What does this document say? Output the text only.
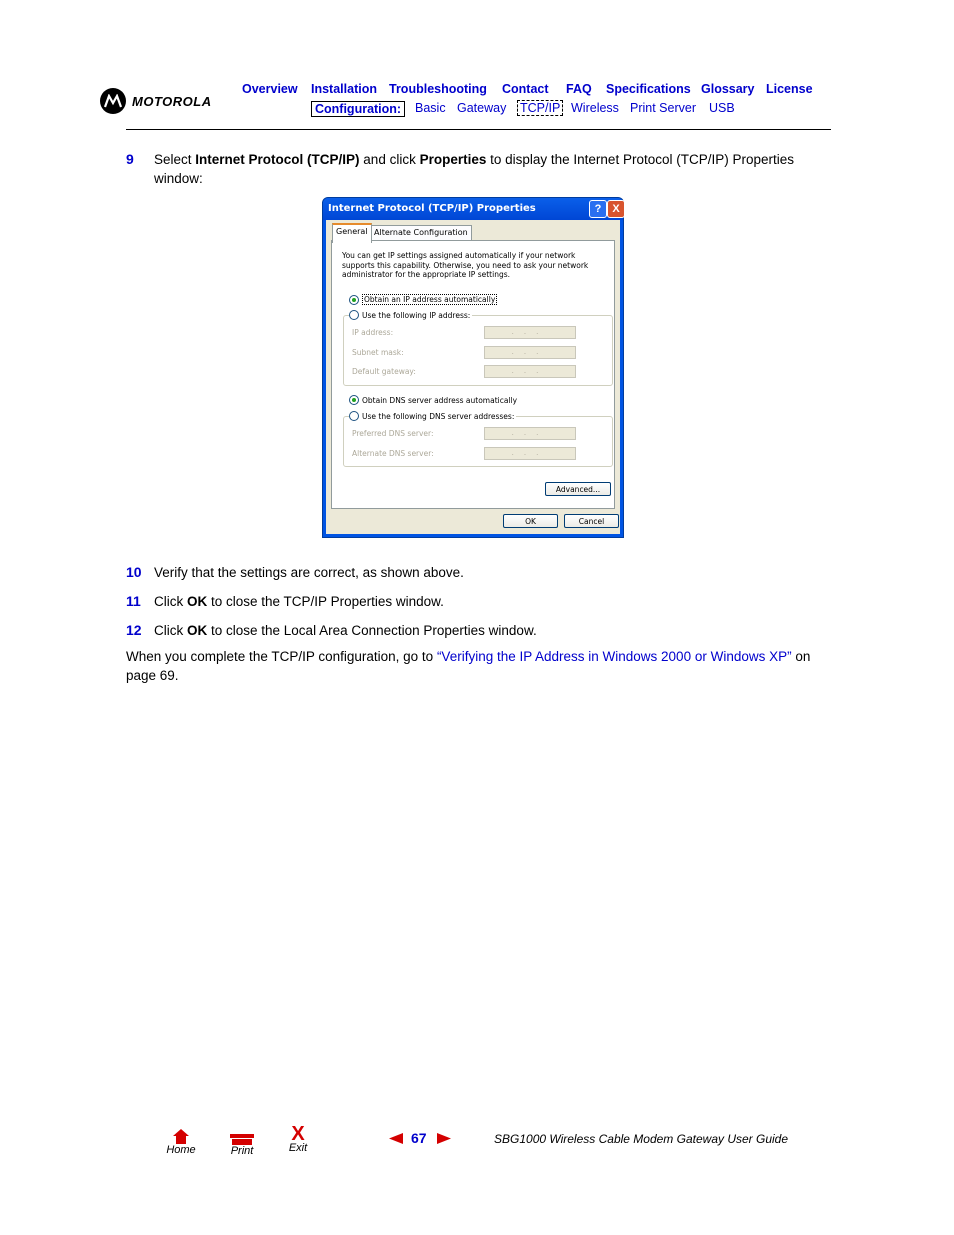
MOTOROLA
Overview Installation Troubleshooting Contact FAQ Specifications Glossary License
Configuration:	Basic Gateway TCP/IP Wireless Print Server USB
9 Select Internet Protocol (TCP/IP) and click Properties to display the Internet Protocol (TCP/IP) Properties window:
Internet Protocol (TCP/IP) Properties	? X
General Alternate Configuration
You can get IP settings assigned automatically if your network supports this capability. Otherwise, you need to ask your network administrator for the appropriate IP settings.
Obtain an IP address automatically
Use the following IP address:
IP address:	...
Subnet mask:	...
Default gateway:	...
Obtain DNS server address automatically
Use the following DNS server addresses:
Preferred DNS server:	...
Alternate DNS server:	...
Advanced...
OK	Cancel
10 Verify that the settings are correct, as shown above.
11 Click OK to close the TCP/IP Properties window.
12 Click OK to close the Local Area Connection Properties window.
When you complete the TCP/IP configuration, go to “Verifying the IP Address in Windows 2000 or Windows XP” on page 69.
Home	Print
X
Exit
67	SBG1000 Wireless Cable Modem Gateway User Guide
